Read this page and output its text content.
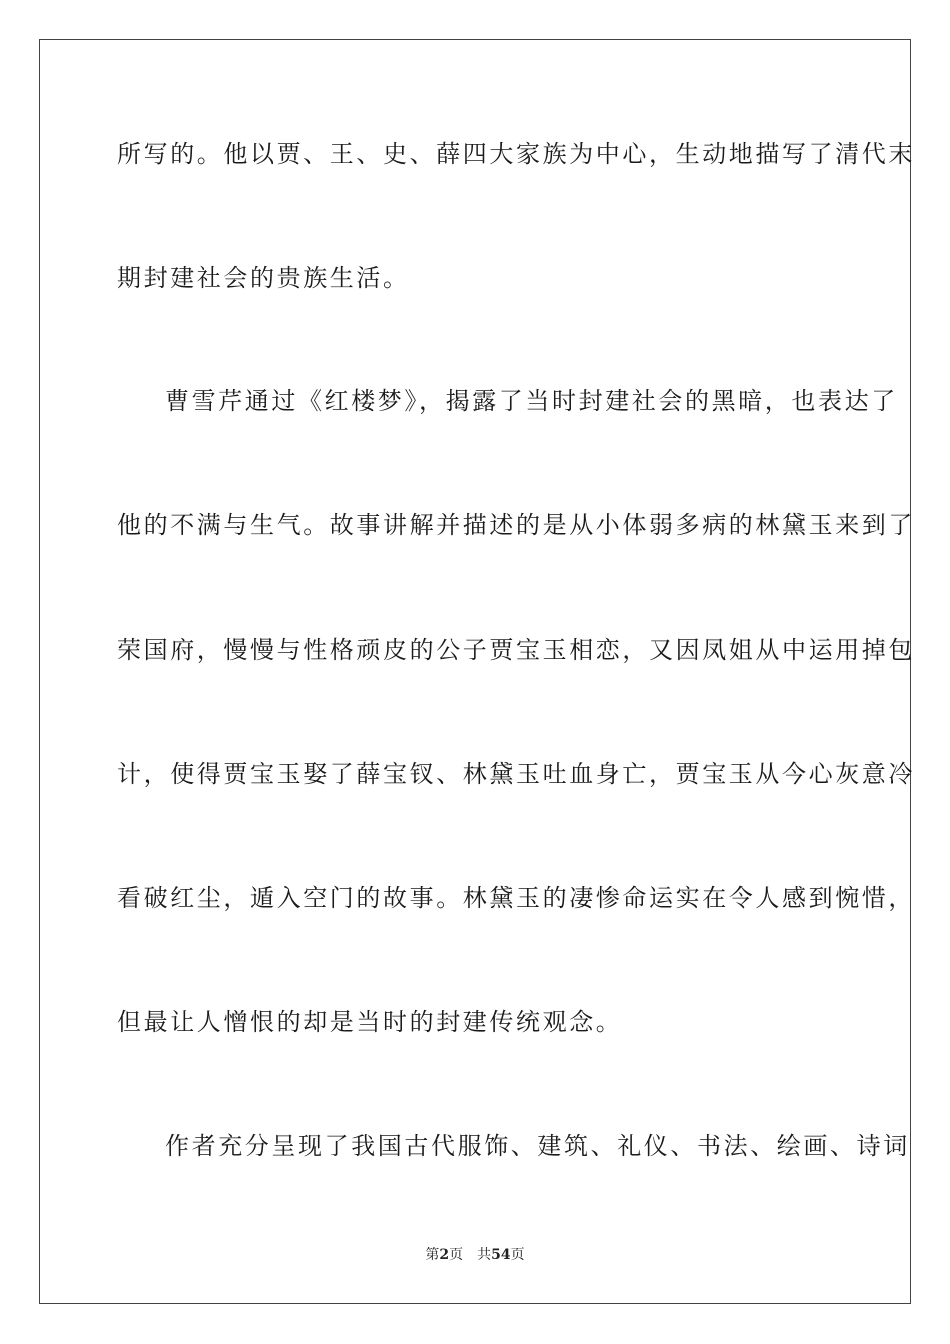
所写的。他以贾、王、史、薛四大家族为中心，生动地描写了清代末
期封建社会的贵族生活。
曹雪芹通过《红楼梦》，揭露了当时封建社会的黑暗，也表达了
他的不满与生气。故事讲解并描述的是从小体弱多病的林黛玉来到了
荣国府，慢慢与性格顽皮的公子贾宝玉相恋，又因凤姐从中运用掉包
计，使得贾宝玉娶了薛宝钗、林黛玉吐血身亡，贾宝玉从今心灰意冷
看破红尘，遁入空门的故事。林黛玉的凄惨命运实在令人感到惋惜，
但最让人憎恨的却是当时的封建传统观念。
作者充分呈现了我国古代服饰、建筑、礼仪、书法、绘画、诗词
第2页 共54页
